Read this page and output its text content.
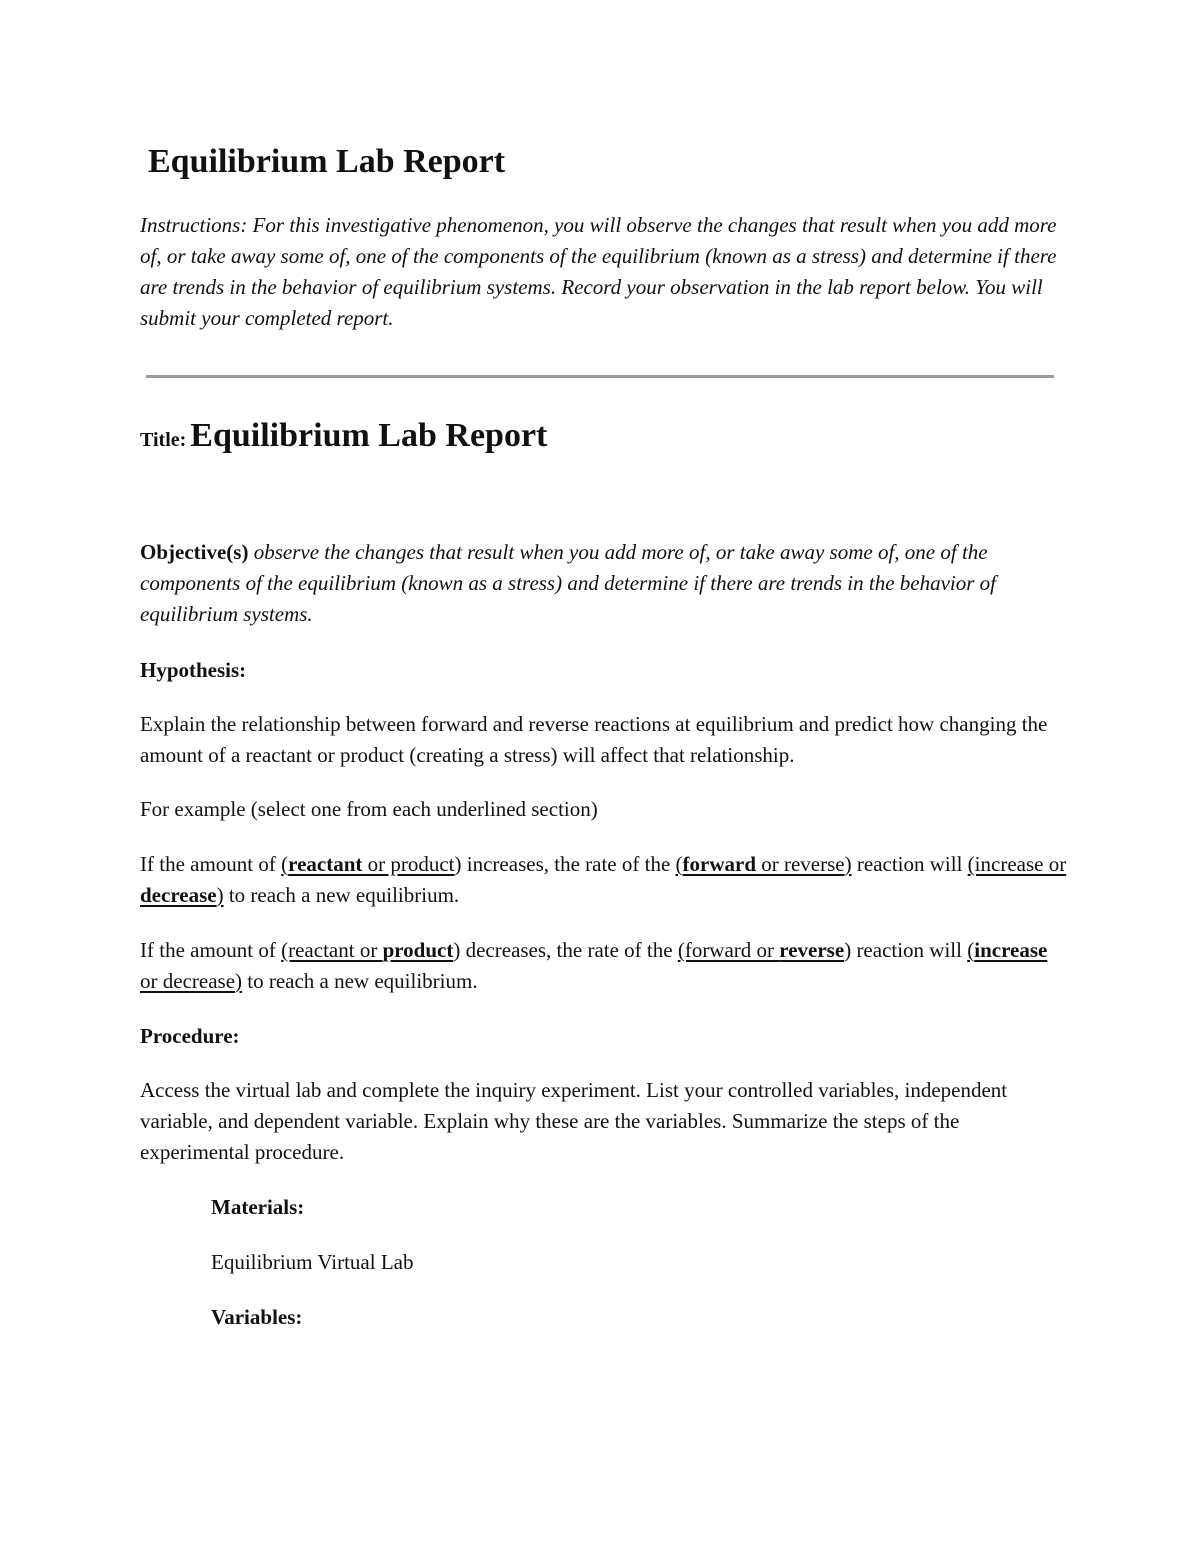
Equilibrium Lab Report

Instructions: For this investigative phenomenon, you will observe the changes that result when you add more of, or take away some of, one of the components of the equilibrium (known as a stress) and determine if there are trends in the behavior of equilibrium systems. Record your observation in the lab report below. You will submit your completed report.

Title: Equilibrium Lab Report

Objective(s) observe the changes that result when you add more of, or take away some of, one of the components of the equilibrium (known as a stress) and determine if there are trends in the behavior of equilibrium systems.

Hypothesis:

Explain the relationship between forward and reverse reactions at equilibrium and predict how changing the amount of a reactant or product (creating a stress) will affect that relationship.

For example (select one from each underlined section)

If the amount of (reactant or product) increases, the rate of the (forward or reverse) reaction will (increase or decrease) to reach a new equilibrium.

If the amount of (reactant or product) decreases, the rate of the (forward or reverse) reaction will (increase or decrease) to reach a new equilibrium.

Procedure:

Access the virtual lab and complete the inquiry experiment. List your controlled variables, independent variable, and dependent variable. Explain why these are the variables. Summarize the steps of the experimental procedure.

Materials:

Equilibrium Virtual Lab

Variables:
